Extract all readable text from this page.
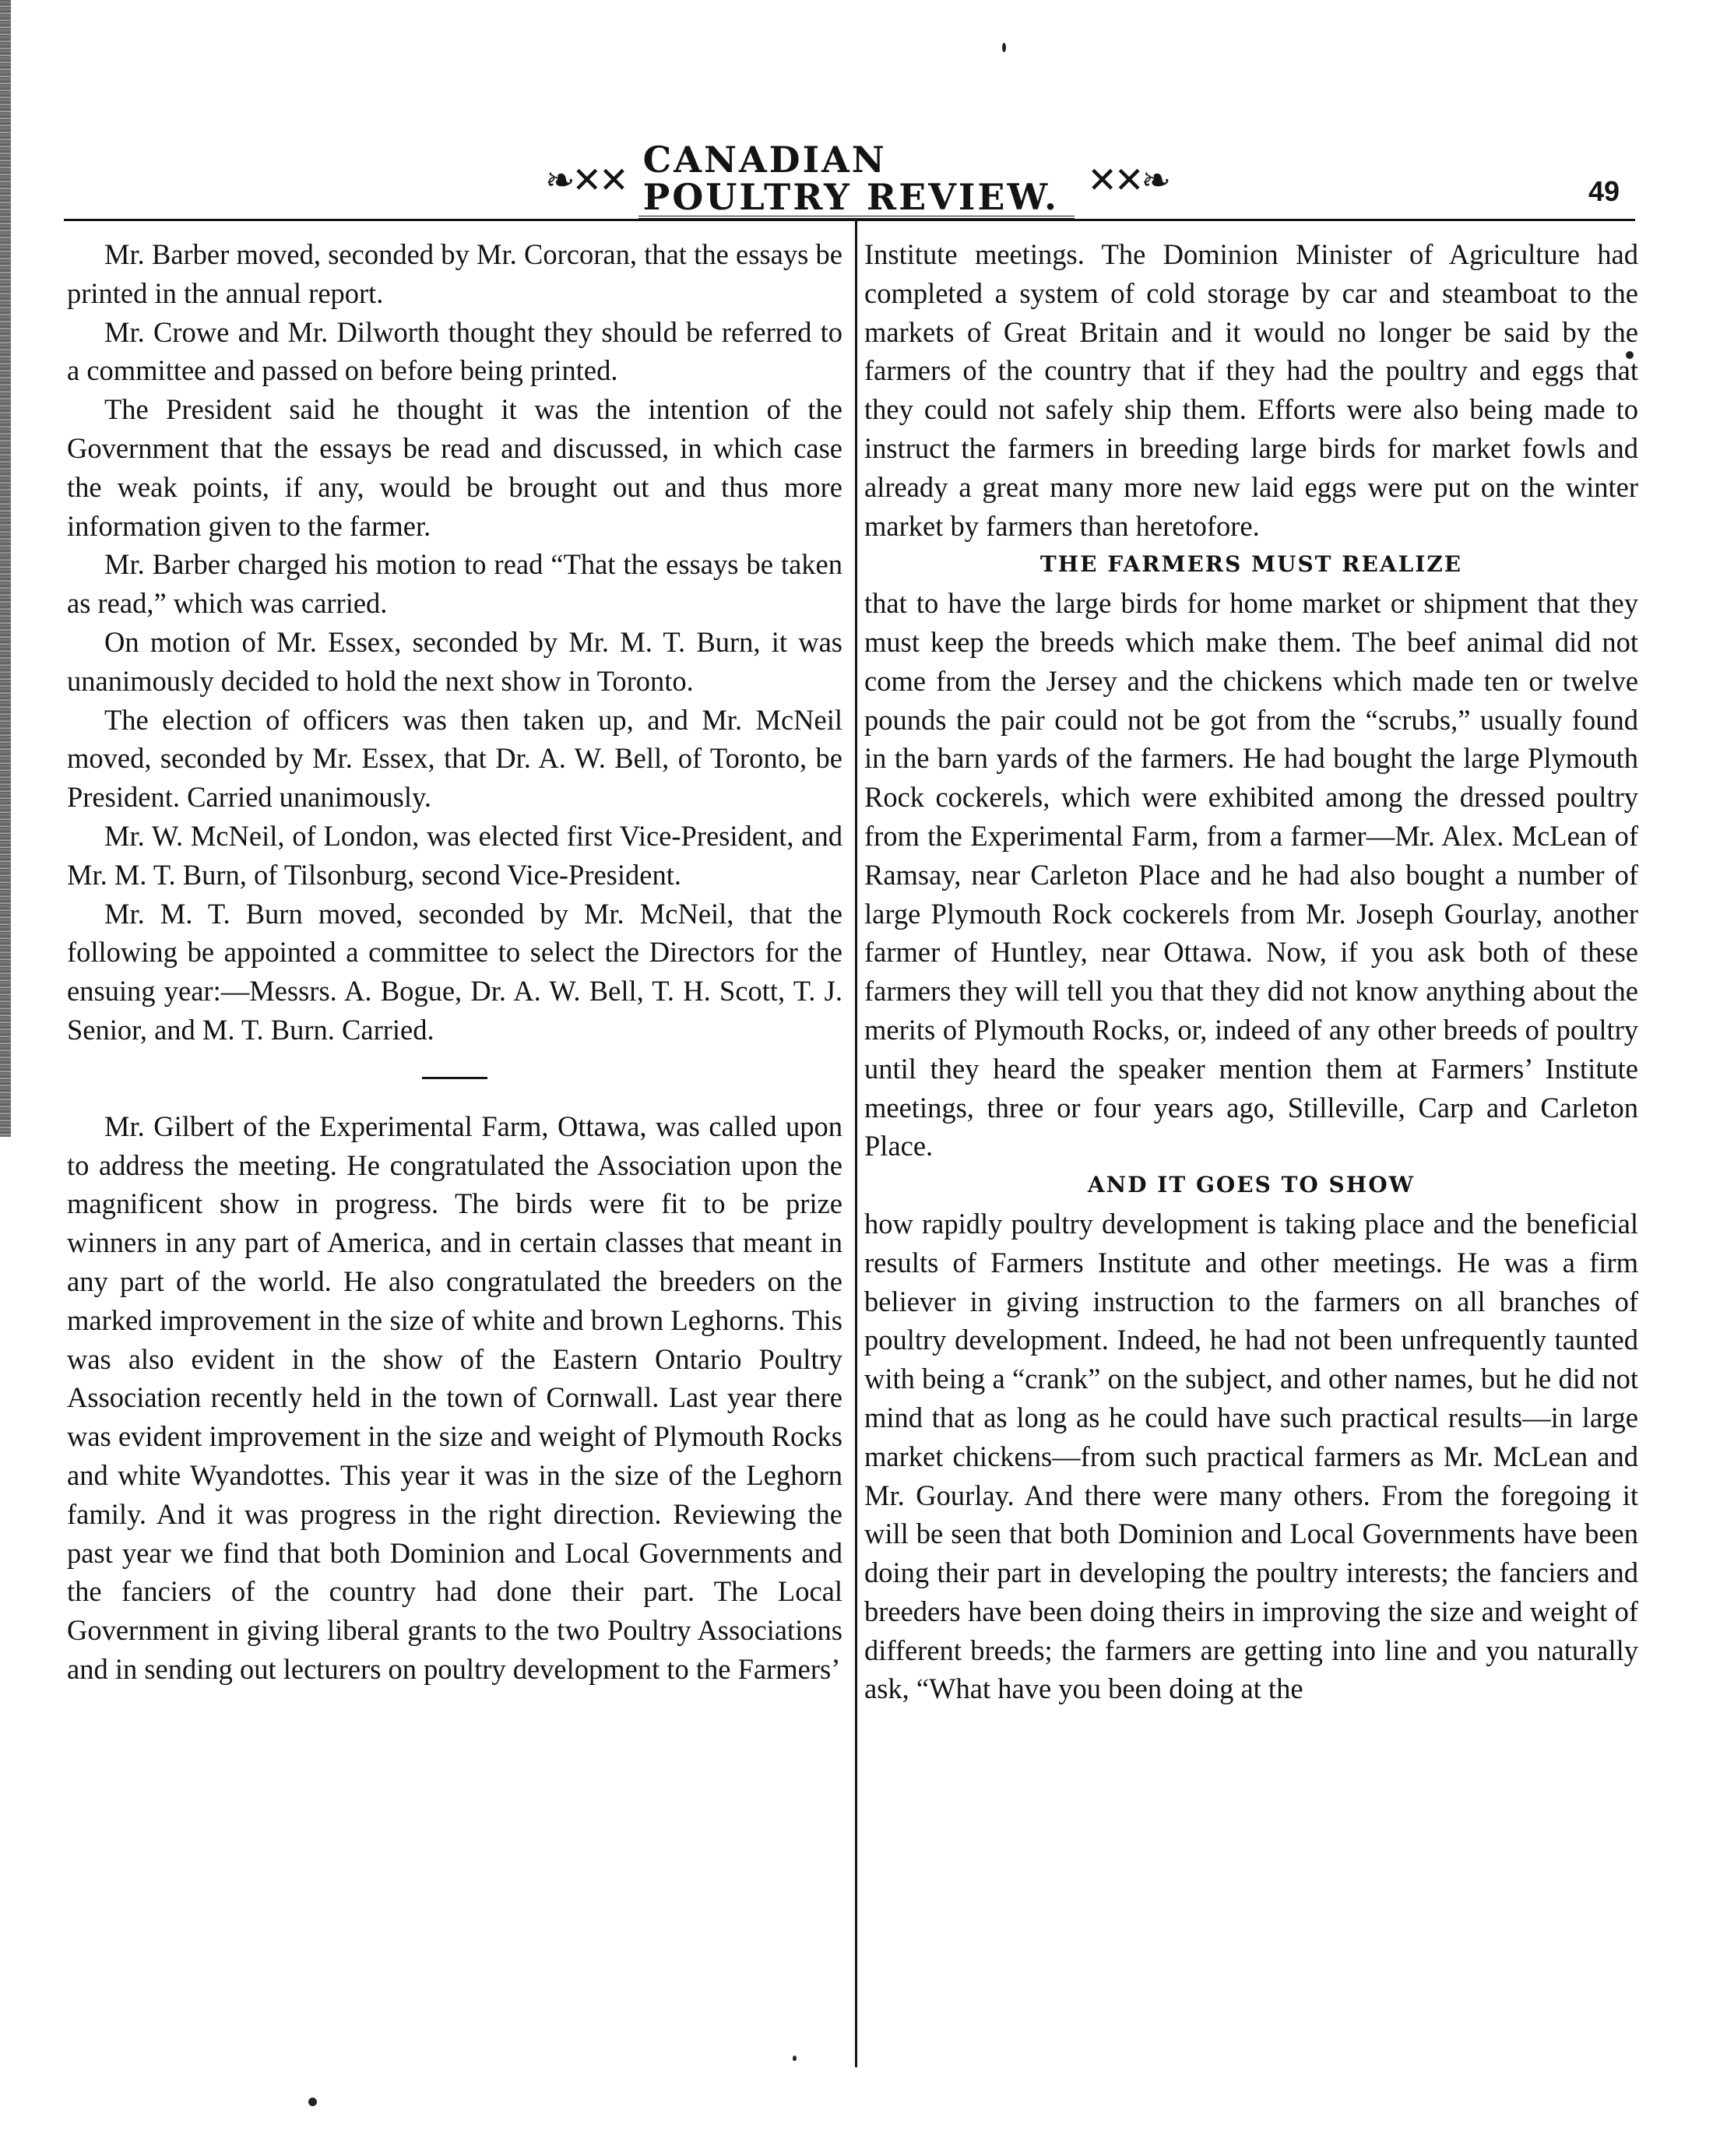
❧✕✕ CANADIAN POULTRY REVIEW. ✕✕❧	49

Mr. Barber moved, seconded by Mr. Corcoran, that the essays be printed in the annual report.

Mr. Crowe and Mr. Dilworth thought they should be referred to a committee and passed on before being printed.

The President said he thought it was the intention of the Government that the essays be read and discussed, in which case the weak points, if any, would be brought out and thus more information given to the farmer.

Mr. Barber charged his motion to read “That the essays be taken as read,” which was carried.

On motion of Mr. Essex, seconded by Mr. M. T. Burn, it was unanimously decided to hold the next show in Toronto.

The election of officers was then taken up, and Mr. McNeil moved, seconded by Mr. Essex, that Dr. A. W. Bell, of Toronto, be President. Carried unanimously.

Mr. W. McNeil, of London, was elected first Vice-President, and Mr. M. T. Burn, of Tilsonburg, second Vice-President.

Mr. M. T. Burn moved, seconded by Mr. McNeil, that the following be appointed a committee to select the Directors for the ensuing year:—Messrs. A. Bogue, Dr. A. W. Bell, T. H. Scott, T. J. Senior, and M. T. Burn. Carried.

Mr. Gilbert of the Experimental Farm, Ottawa, was called upon to address the meeting. He congratulated the Association upon the magnificent show in progress. The birds were fit to be prize winners in any part of America, and in certain classes that meant in any part of the world. He also congratulated the breeders on the marked improvement in the size of white and brown Leghorns. This was also evident in the show of the Eastern Ontario Poultry Association recently held in the town of Cornwall. Last year there was evident improvement in the size and weight of Plymouth Rocks and white Wyandottes. This year it was in the size of the Leghorn family. And it was progress in the right direction. Reviewing the past year we find that both Dominion and Local Governments and the fanciers of the country had done their part. The Local Government in giving liberal grants to the two Poultry Associations and in sending out lecturers on poultry development to the Farmers’

Institute meetings. The Dominion Minister of Agriculture had completed a system of cold storage by car and steamboat to the markets of Great Britain and it would no longer be said by the farmers of the country that if they had the poultry and eggs that they could not safely ship them. Efforts were also being made to instruct the farmers in breeding large birds for market fowls and already a great many more new laid eggs were put on the winter market by farmers than heretofore.

THE FARMERS MUST REALIZE

that to have the large birds for home market or shipment that they must keep the breeds which make them. The beef animal did not come from the Jersey and the chickens which made ten or twelve pounds the pair could not be got from the “scrubs,” usually found in the barn yards of the farmers. He had bought the large Plymouth Rock cockerels, which were exhibited among the dressed poultry from the Experimental Farm, from a farmer—Mr. Alex. McLean of Ramsay, near Carleton Place and he had also bought a number of large Plymouth Rock cockerels from Mr. Joseph Gourlay, another farmer of Huntley, near Ottawa. Now, if you ask both of these farmers they will tell you that they did not know anything about the merits of Plymouth Rocks, or, indeed of any other breeds of poultry until they heard the speaker mention them at Farmers’ Institute meetings, three or four years ago, Stilleville, Carp and Carleton Place.

AND IT GOES TO SHOW

how rapidly poultry development is taking place and the beneficial results of Farmers Institute and other meetings. He was a firm believer in giving instruction to the farmers on all branches of poultry development. Indeed, he had not been unfrequently taunted with being a “crank” on the subject, and other names, but he did not mind that as long as he could have such practical results—in large market chickens—from such practical farmers as Mr. McLean and Mr. Gourlay. And there were many others. From the foregoing it will be seen that both Dominion and Local Governments have been doing their part in developing the poultry interests; the fanciers and breeders have been doing theirs in improving the size and weight of different breeds; the farmers are getting into line and you naturally ask, “What have you been doing at the
